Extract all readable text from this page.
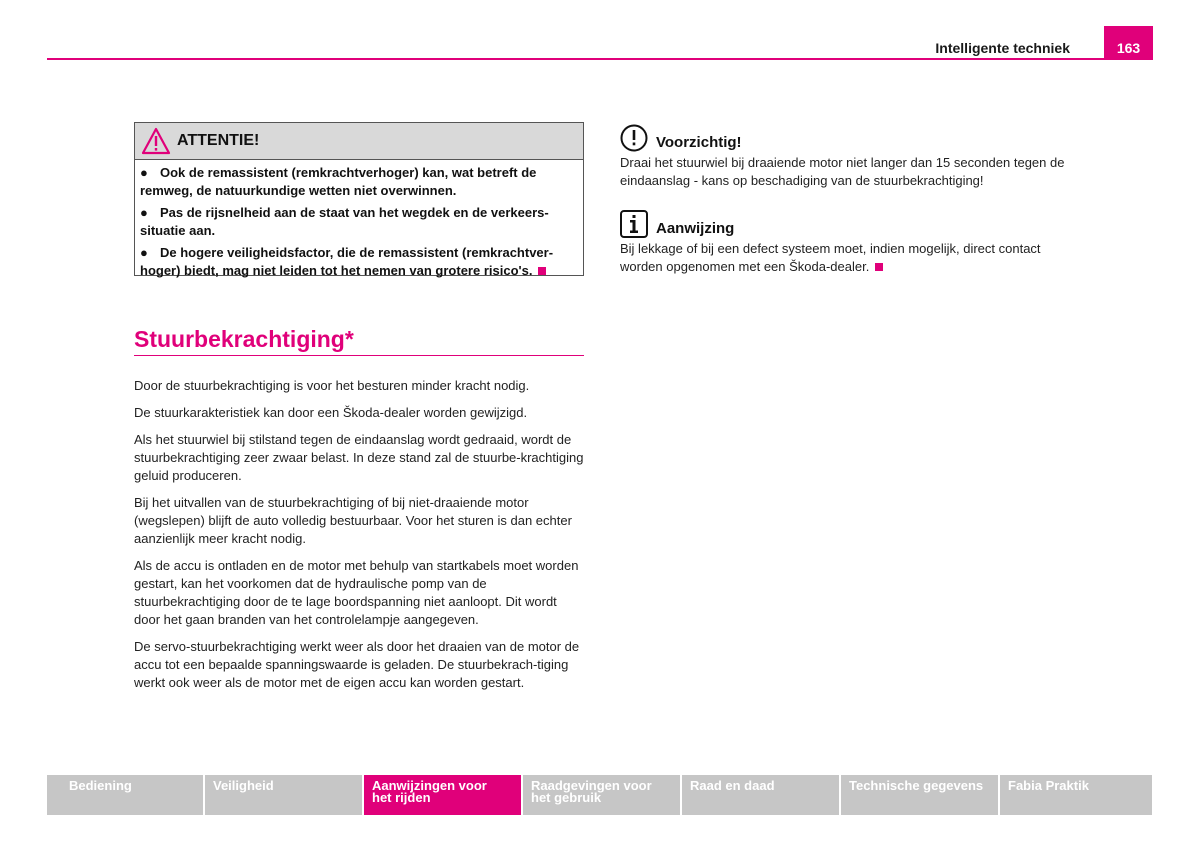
Intelligente techniek	163
ATTENTIE!
● Ook de remassistent (remkrachtverhoger) kan, wat betreft de remweg, de natuurkundige wetten niet overwinnen.
● Pas de rijsnelheid aan de staat van het wegdek en de verkeers-situatie aan.
● De hogere veiligheidsfactor, die de remassistent (remkrachtver-hoger) biedt, mag niet leiden tot het nemen van grotere risico's.
Stuurbekrachtiging*

Door de stuurbekrachtiging is voor het besturen minder kracht nodig.

De stuurkarakteristiek kan door een Škoda-dealer worden gewijzigd.

Als het stuurwiel bij stilstand tegen de eindaanslag wordt gedraaid, wordt de stuurbekrachtiging zeer zwaar belast. In deze stand zal de stuurbe-krachtiging geluid produceren.

Bij het uitvallen van de stuurbekrachtiging of bij niet-draaiende motor (wegslepen) blijft de auto volledig bestuurbaar. Voor het sturen is dan echter aanzienlijk meer kracht nodig.

Als de accu is ontladen en de motor met behulp van startkabels moet worden gestart, kan het voorkomen dat de hydraulische pomp van de stuurbekrachtiging door de te lage boordspanning niet aanloopt. Dit wordt door het gaan branden van het controlelampje aangegeven.

De servo-stuurbekrachtiging werkt weer als door het draaien van de motor de accu tot een bepaalde spanningswaarde is geladen. De stuurbekrach-tiging werkt ook weer als de motor met de eigen accu kan worden gestart.

Voorzichtig!
Draai het stuurwiel bij draaiende motor niet langer dan 15 seconden tegen de eindaanslag - kans op beschadiging van de stuurbekrachtiging!
Aanwijzing
Bij lekkage of bij een defect systeem moet, indien mogelijk, direct contact worden opgenomen met een Škoda-dealer.
Bediening	Veiligheid	Aanwijzingen voor
het rijden
Raadgevingen voor
het gebruik
Raad en daad	Technische gegevens	Fabia Praktik
